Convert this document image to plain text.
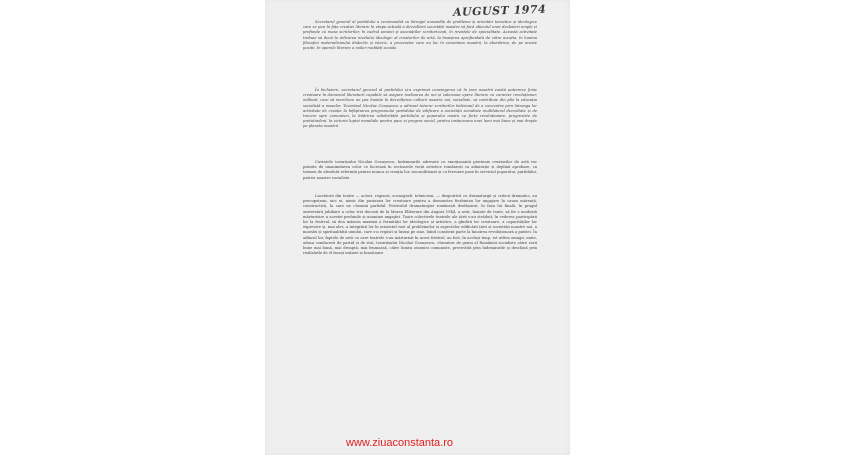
AUGUST 1974

Secretarul general al partidului a recomandat ca întregul ansamblu de probleme și orientări teoretice și ideologice care se pun în fața creației literare în etapa actuală a dezvoltării societății noastre să facă obiectul unor dezbateri ample și profunde cu masa scriitorilor, în cadrul uniunii și asociațiilor scriitoricești, în revistele de specialitate. Această activitate trebuie să ducă la ridicarea nivelului ideologic al creatorilor de artă, la însușirea aprofundată de către aceștia, în lumina filozofiei materialismului dialectic și istoric, a proceselor care au loc în societatea noastră, la abordarea, de pe aceste poziții, în operele literare a noilor realități sociale.

În încheiere, secretarul general al partidului și-a exprimat convingerea că în țara noastră există puternice forțe creatoare în domeniul literaturii capabile să asigure realizarea de noi și valoroase opere literare cu caracter revoluționar, militant, care să marcheze un pas înainte în dezvoltarea culturii noastre noi, socialiste, să contribuie din plin la educația socialistă a maselor. Tovarășul Nicolae Ceaușescu a adresat tuturor scriitorilor îndemnul de a concentra prin întreaga lor activitate de creație la înfăptuirea programului partidului de edificare a societății socialiste multilateral dezvoltate și de trecere spre comunism, la întărirea solidarității partidului și poporului nostru cu forțe revoluționare, progresiste de pretutindeni, la victoria luptei mondiale pentru pace și progres social, pentru instaurarea unei lumi mai bune și mai drepte pe planeta noastră.

Cuvintele tovarășului Nicolae Ceaușescu, îndemnurile adresate cu emoționantă prietenie creatorilor de artă vor primite de unanimitatea celor ce lucrează în sectoarele vieții artistice românești cu admirație și deplină aprobare, ca termen de absolută referință pentru munca și creația lor, neconditionat și cu fervoare puse în serviciul poporului, partidului, patriei noastre socialiste.

Lucrătorii din teatre — actori, regizori, scenografi, tehnicieni, — dezpotrivă cu dramaturgii și criticii dramatici, au precupețeau, aici ei, nimic din pasiunea lor creatoare pentru a demonstra fierbintea lor angajare la cauza măreață, constructivă, la care ne cheamă partidul. Festivalul dramaturgiei românești desfășurat, în faza lui finală, în pragul aniversării jubiliare a celor trei decenii de la Marea Eliberare din August 1944, a avut, înainte de toate, să fie o modestă mărturisire a acestei profunde și unanime angajări. Toate colectivele teatrale ale țării s-au străduit, în vederea participării lor la festival, să dea măsura maximă a fermității lor ideologice și artistice, a gîndirii lor creatoare, a capacităților lor expresive și, mai ales, a integrării lor în orizontul vast al problemelor și aspectelor edificării țării și societății noastre noi, a moralei și spiritualității umului, care s-a regăsit și însuși pe sine, luînd conștient parte la înnoirea revoluționară a patriei. În adîncul lor, faptele de artă cu care teatrele s-au mărturisit în acest festival, au fost, în același timp, tot atîtea omagii, unite, adusa conducerii de partid și de stat, tovarășului Nicolae Ceaușescu, cîrmuitor de geniu al României socialiste către zorii bune mai bună, mai dreaptă, mai frumoasă, către lumea omeniei comuniste, prevestită prin îndemnurile și deschisă prin realizările de el înseși inițiate și înnoitoare.

www.ziuaconstanta.ro
